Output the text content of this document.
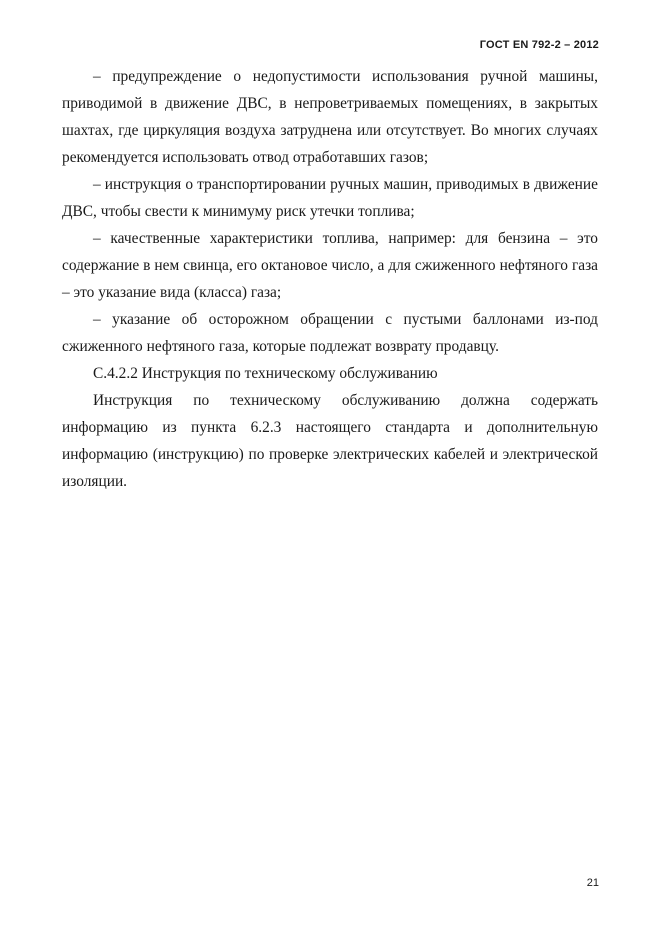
ГОСТ EN 792-2 – 2012

– предупреждение о недопустимости использования ручной машины, приводимой в движение ДВС, в непроветриваемых помещениях, в закрытых шахтах, где циркуляция воздуха затруднена или отсутствует. Во многих случаях рекомендуется использовать отвод отработавших газов;

– инструкция о транспортировании ручных машин, приводимых в движение ДВС, чтобы свести к минимуму риск утечки топлива;

– качественные характеристики топлива, например: для бензина – это содержание в нем свинца, его октановое число, а для сжиженного нефтяного газа – это указание вида (класса) газа;

– указание об осторожном обращении с пустыми баллонами из-под сжиженного нефтяного газа, которые подлежат возврату продавцу.

С.4.2.2 Инструкция по техническому обслуживанию

Инструкция по техническому обслуживанию должна содержать информацию из пункта 6.2.3 настоящего стандарта и дополнительную информацию (инструкцию) по проверке электрических кабелей и электрической изоляции.

21
